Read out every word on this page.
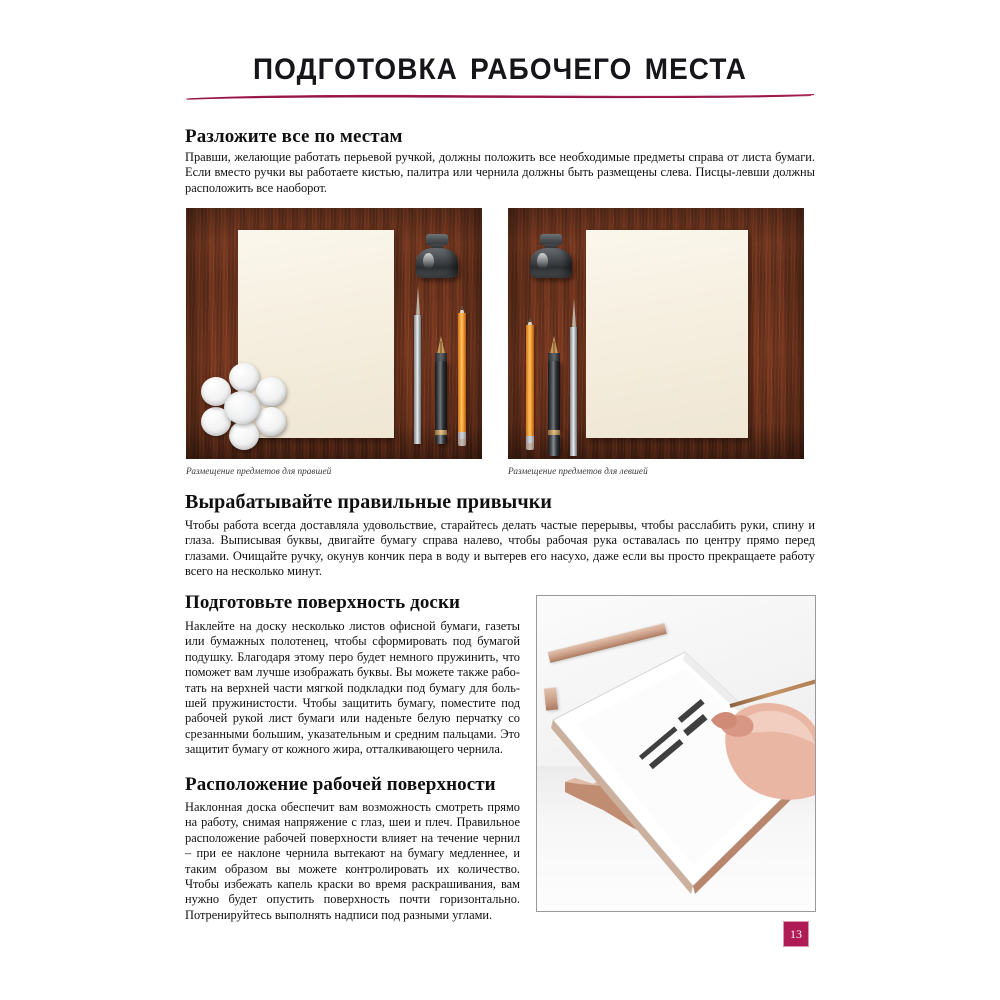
подготовка рабочего места
Разложите все по местам
Правши, желающие работать перьевой ручкой, должны положить все необходимые предметы справа от листа бумаги. Если вместо ручки вы работаете кистью, палитра или чернила должны быть размещены слева. Писцы-левши должны расположить все наоборот.
Размещение предметов для правшей	Размещение предметов для левшей
Вырабатывайте правильные привычки
Чтобы работа всегда доставляла удовольствие, старайтесь делать частые перерывы, чтобы расслабить руки, спину и глаза. Выписывая буквы, двигайте бумагу справа налево, чтобы рабочая рука оставалась по центру прямо перед глазами. Очищайте ручку, окунув кончик пера в воду и вытерев его насухо, даже если вы просто прекращаете работу всего на несколько минут.
Подготовьте поверхность доски
Наклейте на доску несколько листов офисной бумаги, газеты или бумажных полотенец, чтобы сформировать под бумагой подушку. Благодаря этому перо будет немного пружинить, что поможет вам лучше изображать буквы. Вы можете также работать на верхней части мягкой подкладки под бумагу для большей пружинистости. Чтобы защитить бумагу, поместите под рабочей рукой лист бумаги или наденьте белую перчатку со срезанными большим, указательным и средним пальцами. Это защитит бумагу от кожного жира, отталкивающего чернила.
Расположение рабочей поверхности
Наклонная доска обеспечит вам возможность смотреть прямо на работу, снимая напряжение с глаз, шеи и плеч. Правильное расположение рабочей поверхности влияет на течение чернил – при ее наклоне чернила вытекают на бумагу медленнее, и таким образом вы можете контролировать их количество. Чтобы избежать капель краски во время раскрашивания, вам нужно будет опустить поверхность почти горизонтально. Потренируйтесь выполнять надписи под разными углами.
13
